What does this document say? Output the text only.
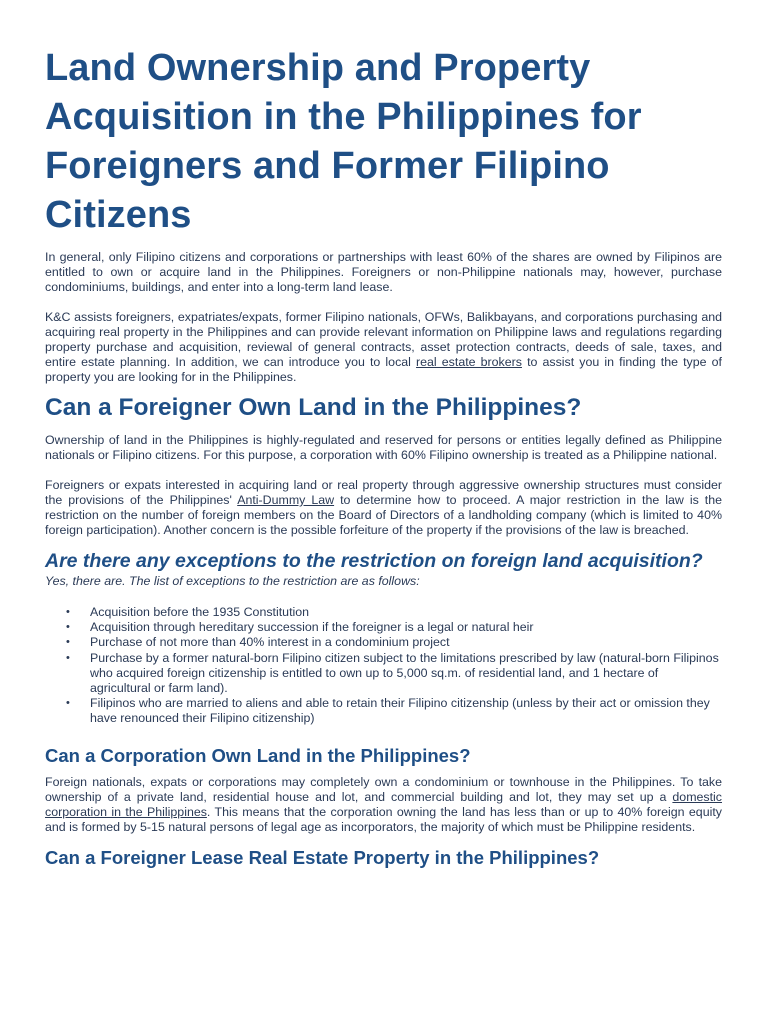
Land Ownership and Property Acquisition in the Philippines for Foreigners and Former Filipino Citizens

In general, only Filipino citizens and corporations or partnerships with least 60% of the shares are owned by Filipinos are entitled to own or acquire land in the Philippines. Foreigners or non-Philippine nationals may, however, purchase condominiums, buildings, and enter into a long-term land lease.

K&C assists foreigners, expatriates/expats, former Filipino nationals, OFWs, Balikbayans, and corporations purchasing and acquiring real property in the Philippines and can provide relevant information on Philippine laws and regulations regarding property purchase and acquisition, reviewal of general contracts, asset protection contracts, deeds of sale, taxes, and entire estate planning. In addition, we can introduce you to local real estate brokers to assist you in finding the type of property you are looking for in the Philippines.

Can a Foreigner Own Land in the Philippines?

Ownership of land in the Philippines is highly-regulated and reserved for persons or entities legally defined as Philippine nationals or Filipino citizens. For this purpose, a corporation with 60% Filipino ownership is treated as a Philippine national.

Foreigners or expats interested in acquiring land or real property through aggressive ownership structures must consider the provisions of the Philippines' Anti-Dummy Law to determine how to proceed. A major restriction in the law is the restriction on the number of foreign members on the Board of Directors of a landholding company (which is limited to 40% foreign participation). Another concern is the possible forfeiture of the property if the provisions of the law is breached.

Are there any exceptions to the restriction on foreign land acquisition?

Yes, there are. The list of exceptions to the restriction are as follows:

• Acquisition before the 1935 Constitution
• Acquisition through hereditary succession if the foreigner is a legal or natural heir
• Purchase of not more than 40% interest in a condominium project
• Purchase by a former natural-born Filipino citizen subject to the limitations prescribed by law (natural-born Filipinos who acquired foreign citizenship is entitled to own up to 5,000 sq.m. of residential land, and 1 hectare of agricultural or farm land).
• Filipinos who are married to aliens and able to retain their Filipino citizenship (unless by their act or omission they have renounced their Filipino citizenship)
Can a Corporation Own Land in the Philippines?

Foreign nationals, expats or corporations may completely own a condominium or townhouse in the Philippines. To take ownership of a private land, residential house and lot, and commercial building and lot, they may set up a domestic corporation in the Philippines. This means that the corporation owning the land has less than or up to 40% foreign equity and is formed by 5-15 natural persons of legal age as incorporators, the majority of which must be Philippine residents.

Can a Foreigner Lease Real Estate Property in the Philippines?
